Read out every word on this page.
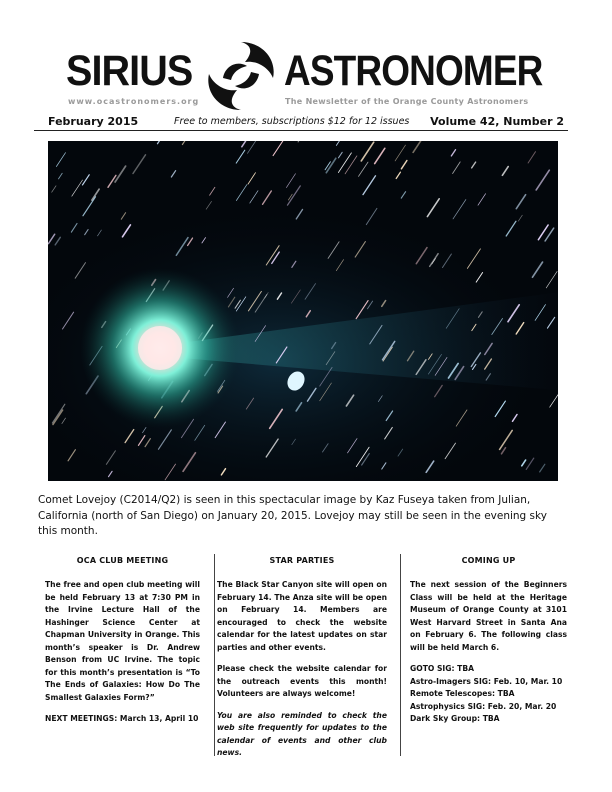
SIRIUS ASTRONOMER
www.ocastronomers.org	The Newsletter of the Orange County Astronomers
February 2015	Free to members, subscriptions $12 for 12 issues Volume 42, Number 2
Comet Lovejoy (C2014/Q2) is seen in this spectacular image by Kaz Fuseya taken from Julian, California (north of San Diego) on January 20, 2015. Lovejoy may still be seen in the evening sky this month.
OCA CLUB MEETING

The free and open club meeting will be held February 13 at 7:30 PM in the Irvine Lecture Hall of the Hashinger Science Center at Chapman University in Orange. This month’s speaker is Dr. Andrew Benson from UC Irvine. The topic for this month’s presentation is “To The Ends of Galaxies: How Do The Smallest Galaxies Form?”

NEXT MEETINGS: March 13, April 10

STAR PARTIES

The Black Star Canyon site will open on February 14. The Anza site will be open on February 14. Members are encouraged to check the website calendar for the latest updates on star parties and other events.

Please check the website calendar for the outreach events this month! Volunteers are always welcome!

You are also reminded to check the web site frequently for updates to the calendar of events and other club news.

COMING UP

The next session of the Beginners Class will be held at the Heritage Museum of Orange County at 3101 West Harvard Street in Santa Ana on February 6. The following class will be held March 6.

GOTO SIG: TBA
Astro-Imagers SIG: Feb. 10, Mar. 10
Remote Telescopes: TBA
Astrophysics SIG: Feb. 20, Mar. 20
Dark Sky Group: TBA
